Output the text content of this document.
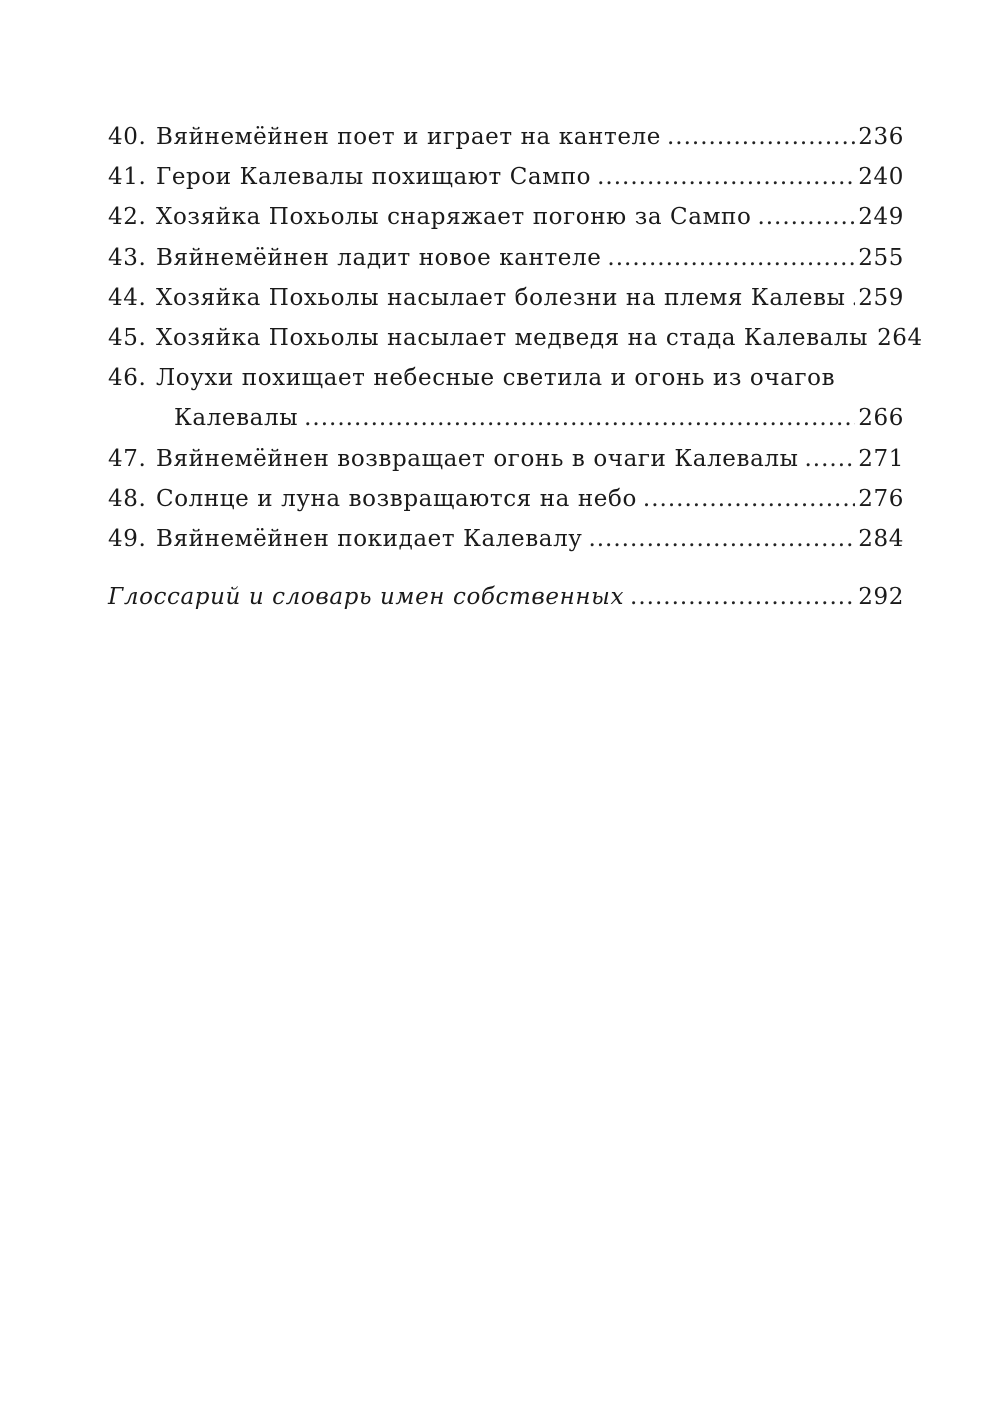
40. Вяйнемёйнен поет и играет на кантеле .....	236
41. Герои Калевалы похищают Сампо .....	240
42. Хозяйка Похьолы снаряжает погоню за Сампо .....	249
43. Вяйнемёйнен ладит новое кантеле .....	255
44. Хозяйка Похьолы насылает болезни на племя Калевы ..... 259
45. Хозяйка Похьолы насылает медведя на стада Калевалы 264
46. Лоухи похищает небесные светила и огонь из очагов
Калевалы .....	266
47. Вяйнемёйнен возвращает огонь в очаги Калевалы .....	271
48. Солнце и луна возвращаются на небо .....	276
49. Вяйнемёйнен покидает Калевалу .....	284
Глоссарий и словарь имен собственных .....	292
